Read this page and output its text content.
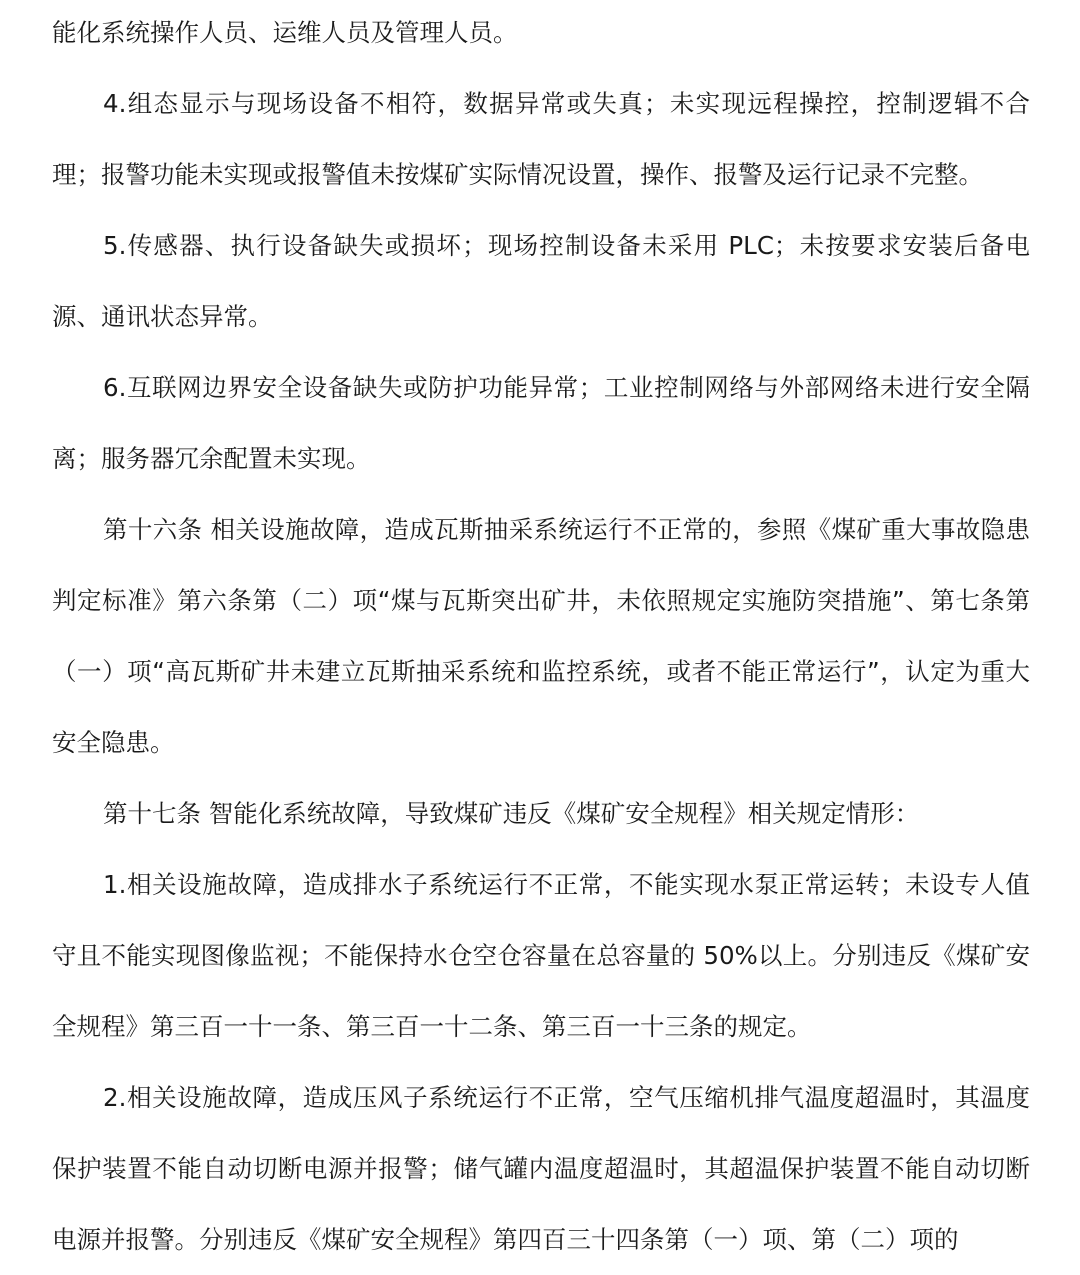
能化系统操作人员、运维人员及管理人员。

4.组态显示与现场设备不相符，数据异常或失真；未实现远程操控，控制逻辑不合理；报警功能未实现或报警值未按煤矿实际情况设置，操作、报警及运行记录不完整。

5.传感器、执行设备缺失或损坏；现场控制设备未采用 PLC；未按要求安装后备电源、通讯状态异常。

6.互联网边界安全设备缺失或防护功能异常；工业控制网络与外部网络未进行安全隔离；服务器冗余配置未实现。

第十六条 相关设施故障，造成瓦斯抽采系统运行不正常的，参照《煤矿重大事故隐患判定标准》第六条第（二）项“煤与瓦斯突出矿井，未依照规定实施防突措施”、第七条第（一）项“高瓦斯矿井未建立瓦斯抽采系统和监控系统，或者不能正常运行”，认定为重大安全隐患。

第十七条 智能化系统故障，导致煤矿违反《煤矿安全规程》相关规定情形：

1.相关设施故障，造成排水子系统运行不正常，不能实现水泵正常运转；未设专人值守且不能实现图像监视；不能保持水仓空仓容量在总容量的 50%以上。分别违反《煤矿安全规程》第三百一十一条、第三百一十二条、第三百一十三条的规定。

2.相关设施故障，造成压风子系统运行不正常，空气压缩机排气温度超温时，其温度保护装置不能自动切断电源并报警；储气罐内温度超温时，其超温保护装置不能自动切断电源并报警。分别违反《煤矿安全规程》第四百三十四条第（一）项、第（二）项的
